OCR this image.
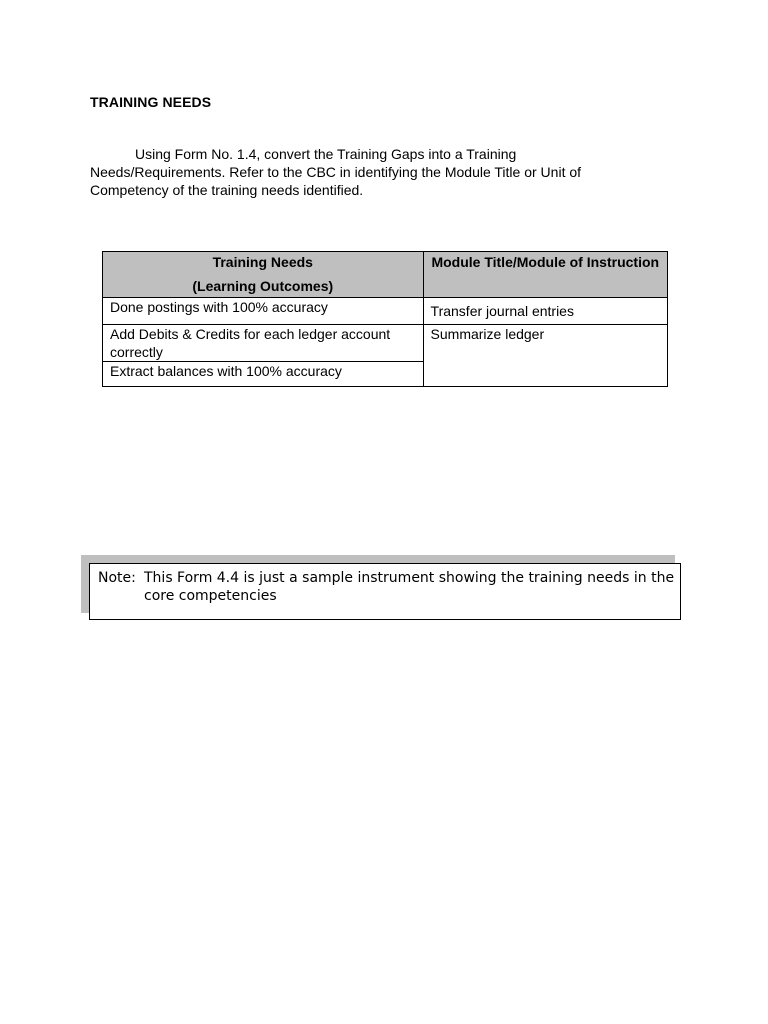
TRAINING NEEDS

Using Form No. 1.4, convert the Training Gaps into a Training Needs/Requirements. Refer to the CBC in identifying the Module Title or Unit of Competency of the training needs identified.

Training Needs
(Learning Outcomes)	Module Title/Module of Instruction
Done postings with 100% accuracy	Transfer journal entries
Add Debits & Credits for each ledger account correctly	Summarize ledger
Extract balances with 100% accuracy	
Note: This Form 4.4 is just a sample instrument showing the training needs in the core competencies
